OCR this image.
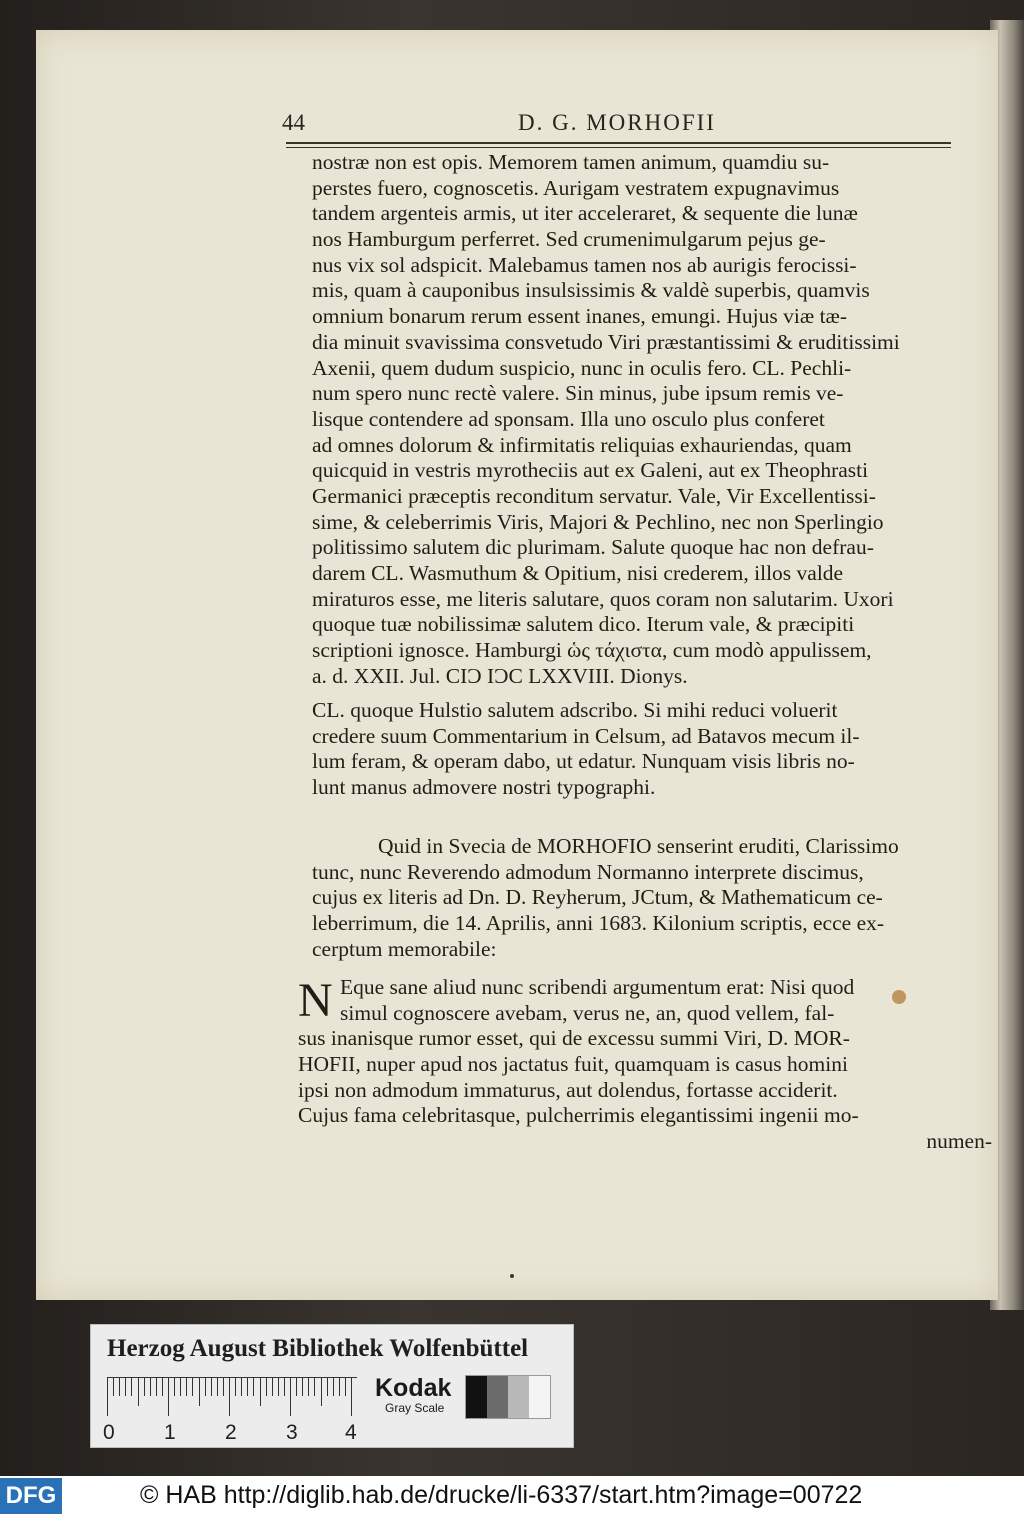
44	D. G. MORHOFII
nostræ non est opis. Memorem tamen animum, quamdiu su-
perstes fuero, cognoscetis. Aurigam vestratem expugnavimus
tandem argenteis armis, ut iter acceleraret, & sequente die lunæ
nos Hamburgum perferret. Sed crumenimulgarum pejus ge-
nus vix sol adspicit. Malebamus tamen nos ab aurigis ferocissi-
mis, quam à cauponibus insulsissimis & valdè superbis, quamvis
omnium bonarum rerum essent inanes, emungi. Hujus viæ tæ-
dia minuit svavissima consvetudo Viri præstantissimi & eruditissimi
Axenii, quem dudum suspicio, nunc in oculis fero. CL. Pechli-
num spero nunc rectè valere. Sin minus, jube ipsum remis ve-
lisque contendere ad sponsam. Illa uno osculo plus conferet
ad omnes dolorum & infirmitatis reliquias exhauriendas, quam
quicquid in vestris myrotheciis aut ex Galeni, aut ex Theophrasti
Germanici præceptis reconditum servatur. Vale, Vir Excellentissi-
sime, & celeberrimis Viris, Majori & Pechlino, nec non Sperlingio
politissimo salutem dic plurimam. Salute quoque hac non defrau-
darem CL. Wasmuthum & Opitium, nisi crederem, illos valde
miraturos esse, me literis salutare, quos coram non salutarim. Uxori
quoque tuæ nobilissimæ salutem dico. Iterum vale, & præcipiti
scriptioni ignosce. Hamburgi ὡς τάχιστα, cum modò appulissem,
a. d. XXII. Jul. CIƆ IƆC LXXVIII. Dionys.
CL. quoque Hulstio salutem adscribo. Si mihi reduci voluerit
credere suum Commentarium in Celsum, ad Batavos mecum il-
lum feram, & operam dabo, ut edatur. Nunquam visis libris no-
lunt manus admovere nostri typographi.
Quid in Svecia de MORHOFIO senserint eruditi, Clarissimo
tunc, nunc Reverendo admodum Normanno interprete discimus,
cujus ex literis ad Dn. D. Reyherum, JCtum, & Mathematicum ce-
leberrimum, die 14. Aprilis, anni 1683. Kilonium scriptis, ecce ex-
cerptum memorabile:
N Eque sane aliud nunc scribendi argumentum erat: Nisi quod
simul cognoscere avebam, verus ne, an, quod vellem, fal-
sus inanisque rumor esset, qui de excessu summi Viri, D. MOR-
HOFII, nuper apud nos jactatus fuit, quamquam is casus homini
ipsi non admodum immaturus, aut dolendus, fortasse acciderit.
Cujus fama celebritasque, pulcherrimis elegantissimi ingenii mo-
numen-
Herzog August Bibliothek Wolfenbüttel
0 1 2 3 4
Kodak
Gray Scale
DFG	© HAB http://diglib.hab.de/drucke/li-6337/start.htm?image=00722
